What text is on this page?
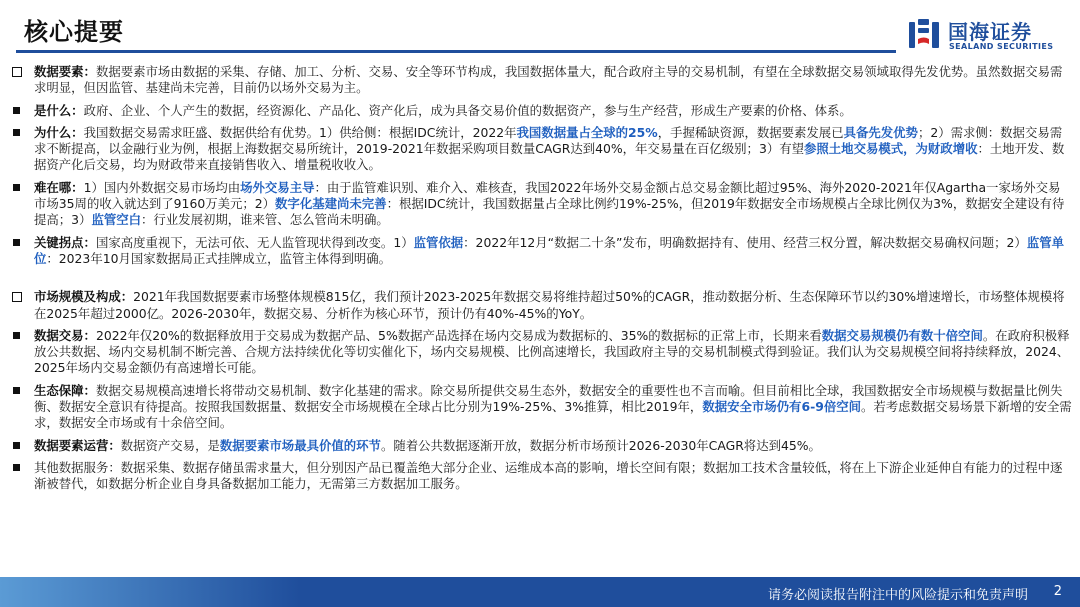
核心提要	国海证券
SEALAND SECURITIES
数据要素：数据要素市场由数据的采集、存储、加工、分析、交易、安全等环节构成，我国数据体量大，配合政府主导的交易机制，有望在全球数据交易领域取得先发优势。虽然数据交易需求明显，但因监管、基建尚未完善，目前仍以场外交易为主。
是什么：政府、企业、个人产生的数据，经资源化、产品化、资产化后，成为具备交易价值的数据资产，参与生产经营，形成生产要素的价格、体系。
为什么：我国数据交易需求旺盛、数据供给有优势。1）供给侧：根据IDC统计，2022年我国数据量占全球的25%，手握稀缺资源，数据要素发展已具备先发优势；2）需求侧：数据交易需求不断提高，以金融行业为例，根据上海数据交易所统计，2019-2021年数据采购项目数量CAGR达到40%，年交易量在百亿级别；3）有望参照土地交易模式，为财政增收：土地开发、数据资产化后交易，均为财政带来直接销售收入、增量税收收入。
难在哪：1）国内外数据交易市场均由场外交易主导：由于监管难识别、难介入、难核查，我国2022年场外交易金额占总交易金额比超过95%、海外2020-2021年仅Agartha一家场外交易市场35周的收入就达到了9160万美元；2）数字化基建尚未完善：根据IDC统计，我国数据量占全球比例约19%-25%，但2019年数据安全市场规模占全球比例仅为3%，数据安全建设有待提高；3）监管空白：行业发展初期，谁来管、怎么管尚未明确。
关键拐点：国家高度重视下，无法可依、无人监管现状得到改变。1）监管依据：2022年12月“数据二十条”发布，明确数据持有、使用、经营三权分置，解决数据交易确权问题；2）监管单位：2023年10月国家数据局正式挂牌成立，监管主体得到明确。
市场规模及构成：2021年我国数据要素市场整体规模815亿，我们预计2023-2025年数据交易将维持超过50%的CAGR，推动数据分析、生态保障环节以约30%增速增长，市场整体规模将在2025年超过2000亿。2026-2030年，数据交易、分析作为核心环节，预计仍有40%-45%的YoY。
数据交易：2022年仅20%的数据释放用于交易成为数据产品、5%数据产品选择在场内交易成为数据标的、35%的数据标的正常上市，长期来看数据交易规模仍有数十倍空间。在政府积极释放公共数据、场内交易机制不断完善、合规方法持续优化等切实催化下，场内交易规模、比例高速增长，我国政府主导的交易机制模式得到验证。我们认为交易规模空间将持续释放，2024、2025年场内交易金额仍有高速增长可能。
生态保障：数据交易规模高速增长将带动交易机制、数字化基建的需求。除交易所提供交易生态外，数据安全的重要性也不言而喻。但目前相比全球，我国数据安全市场规模与数据量比例失衡、数据安全意识有待提高。按照我国数据量、数据安全市场规模在全球占比分别为19%-25%、3%推算，相比2019年，数据安全市场仍有6-9倍空间。若考虑数据交易场景下新增的安全需求，数据安全市场或有十余倍空间。
数据要素运营：数据资产交易，是数据要素市场最具价值的环节。随着公共数据逐渐开放，数据分析市场预计2026-2030年CAGR将达到45%。
其他数据服务：数据采集、数据存储虽需求量大，但分别因产品已覆盖绝大部分企业、运维成本高的影响，增长空间有限；数据加工技术含量较低，将在上下游企业延伸自有能力的过程中逐渐被替代，如数据分析企业自身具备数据加工能力，无需第三方数据加工服务。
请务必阅读报告附注中的风险提示和免责声明 2
